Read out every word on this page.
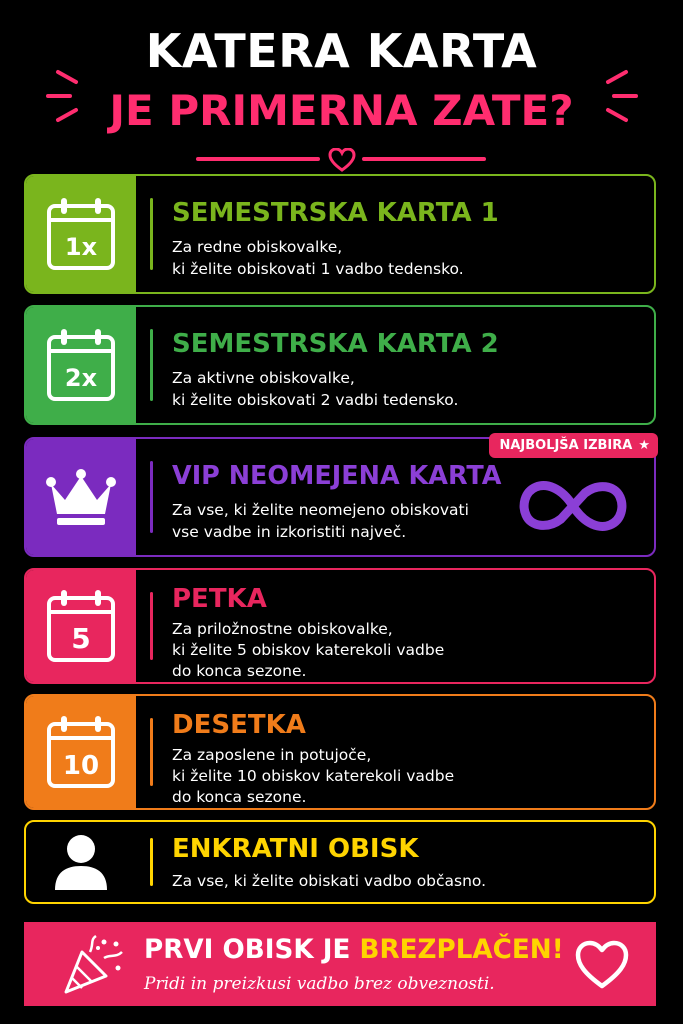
KATERA KARTA
JE PRIMERNA ZATE?
1x
SEMESTRSKA KARTA 1
Za redne obiskovalke,
ki želite obiskovati 1 vadbo tedensko.
2x
SEMESTRSKA KARTA 2
Za aktivne obiskovalke,
ki želite obiskovati 2 vadbi tedensko.
VIP NEOMEJENA KARTA
Za vse, ki želite neomejeno obiskovati
vse vadbe in izkoristiti največ.
NAJBOLJŠA IZBIRA ★
5
PETKA
Za priložnostne obiskovalke,
ki želite 5 obiskov katerekoli vadbe
do konca sezone.
10
DESETKA
Za zaposlene in potujoče,
ki želite 10 obiskov katerekoli vadbe
do konca sezone.
ENKRATNI OBISK
Za vse, ki želite obiskati vadbo občasno.
PRVI OBISK JE BREZPLAČEN!
Pridi in preizkusi vadbo brez obveznosti.
